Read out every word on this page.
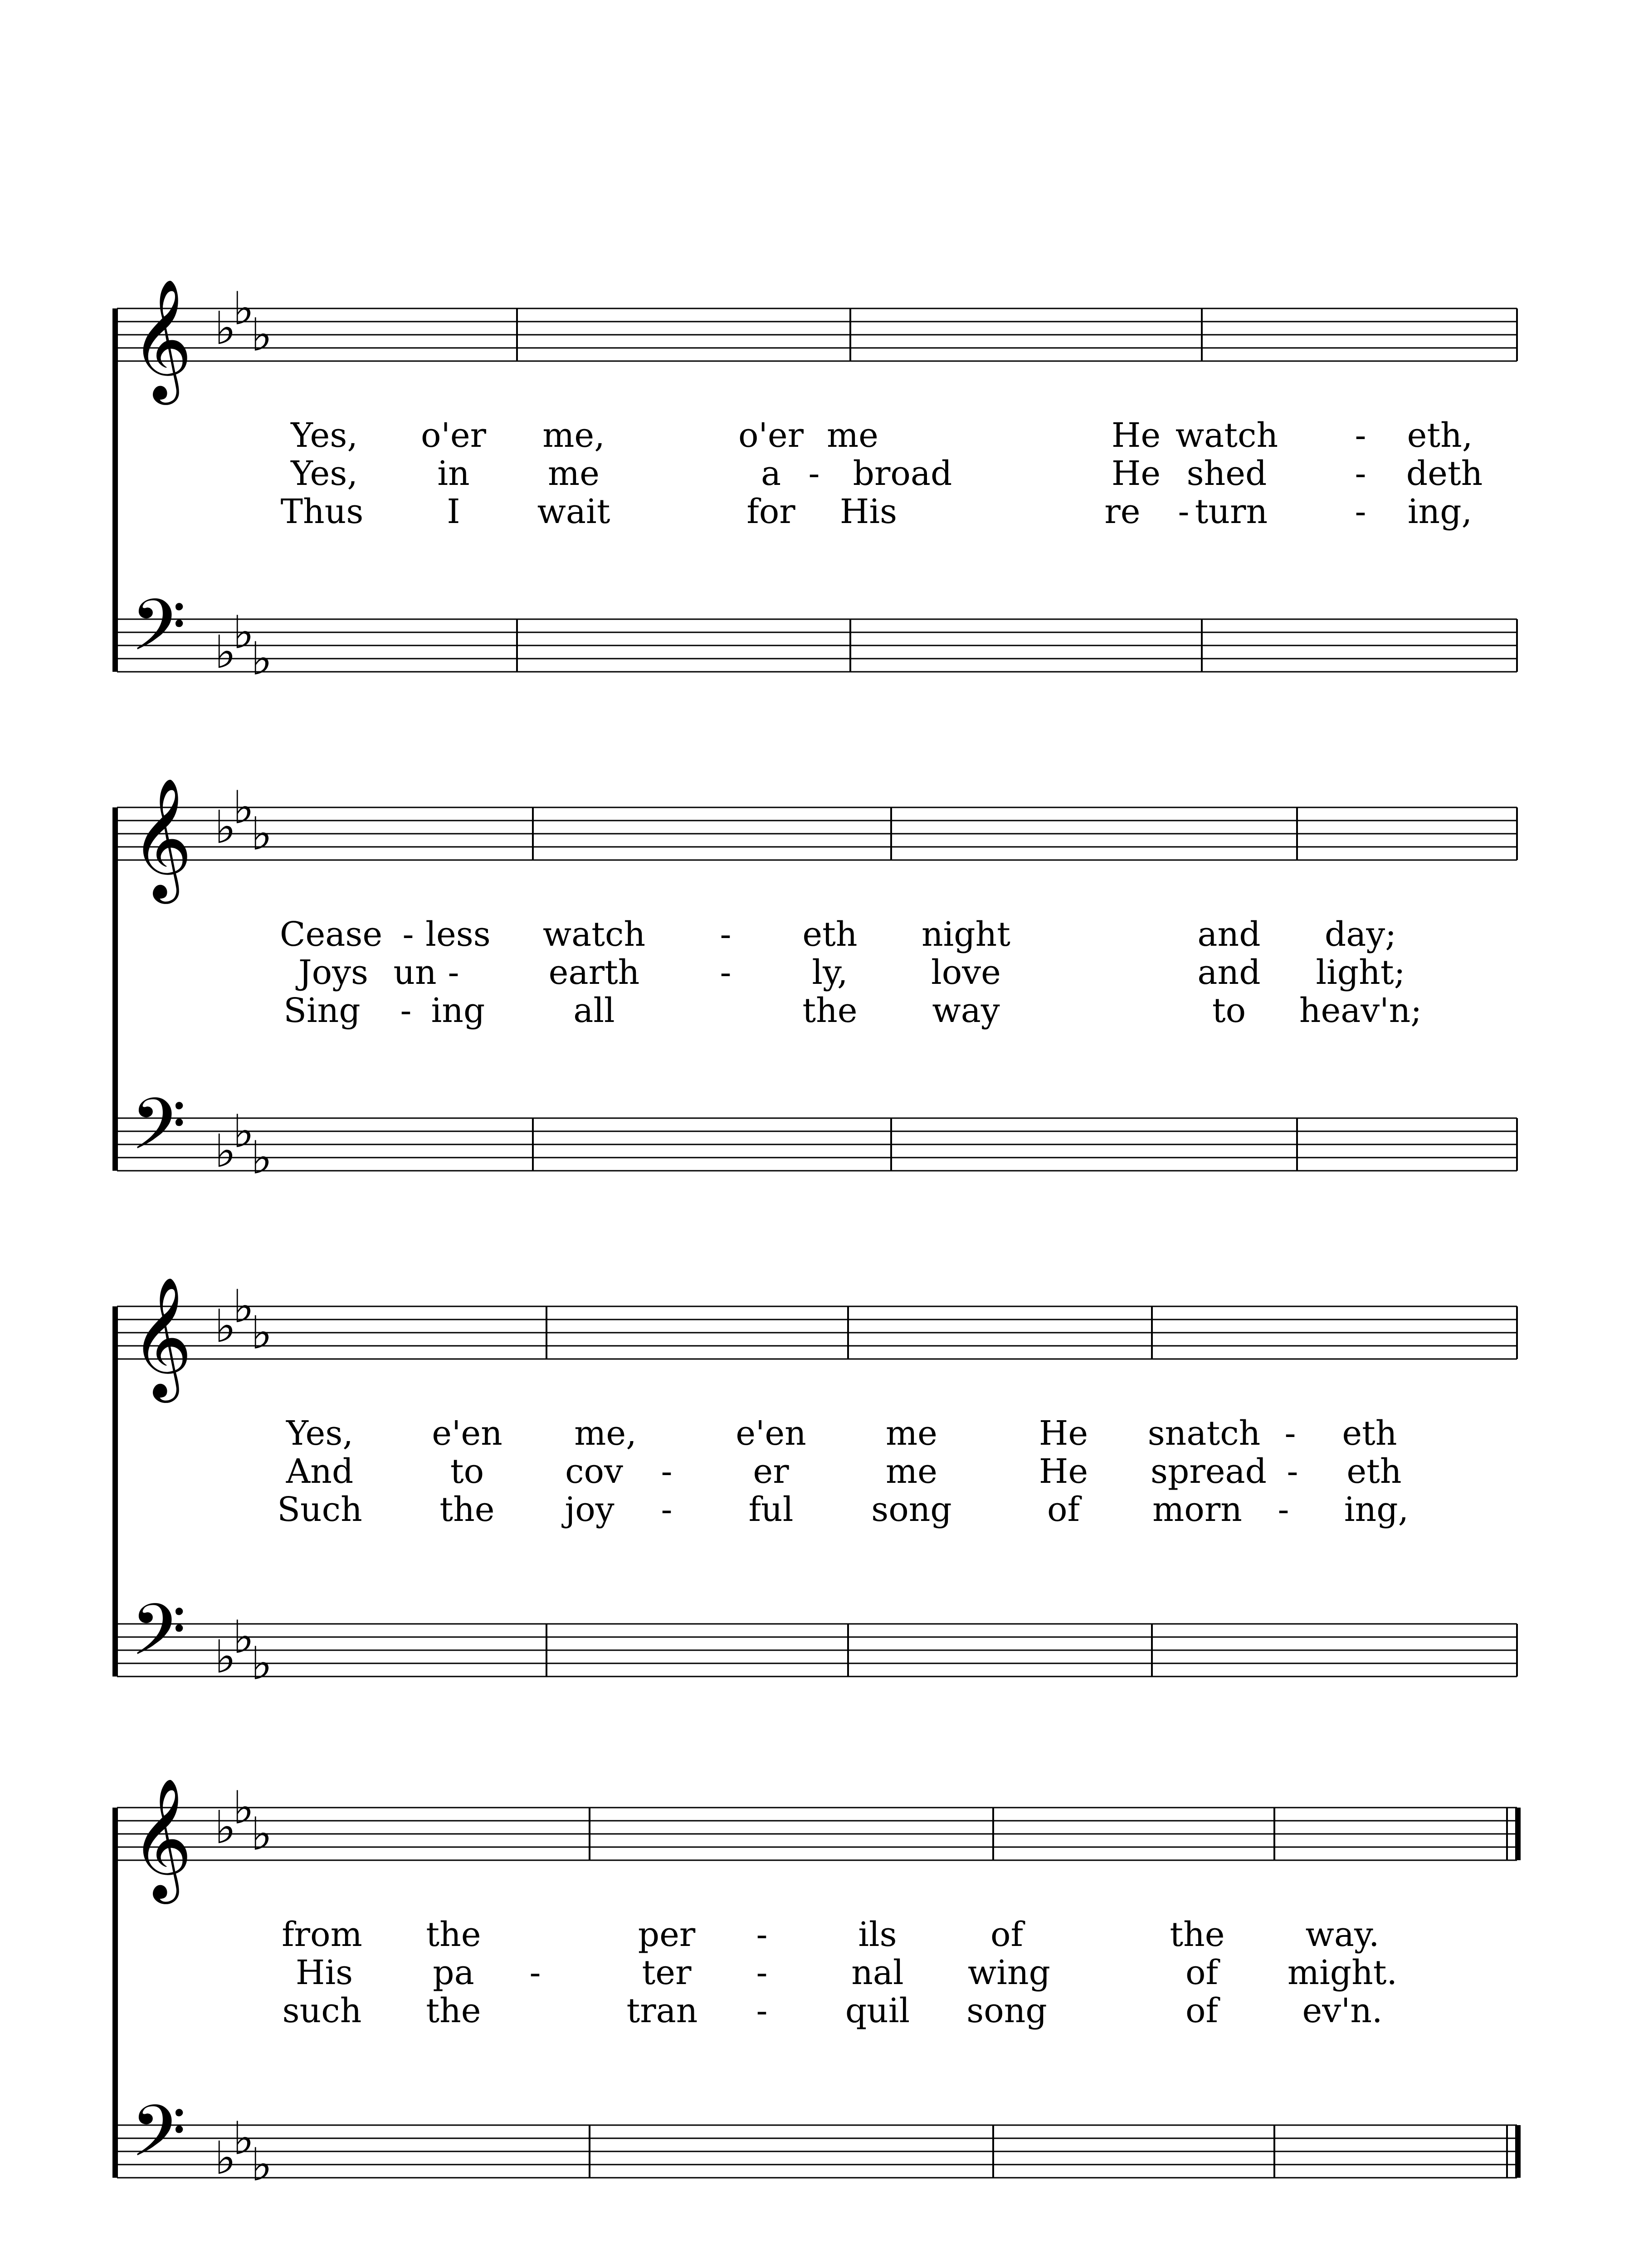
𝄞 ♭
♭
♭
𝄢 ♭
♭
♭
Yes, o'er me,	o'er me	He watch - eth,
Yes, in me	a - broad	He shed	- deth
Thus I wait	for His	re - turn	- ing,
𝄞 ♭
♭
♭
𝄢 ♭
♭
♭
Cease - less watch - eth night	and day;
Joys un -	earth - ly, love	and light;
Sing - ing	all	the way	to heav'n;
𝄞 ♭
♭
♭
𝄢 ♭
♭
♭
Yes, e'en me,	e'en me	He snatch - eth
And	to cov - er	me	He spread - eth
Such the joy - ful song	of morn - ing,
𝄞 ♭
♭
♭
𝄢 ♭
♭
♭
from the	per -	ils	of	the way.
His pa -	ter - nal wing	of might.
such the	tran - quil song	of	ev'n.
